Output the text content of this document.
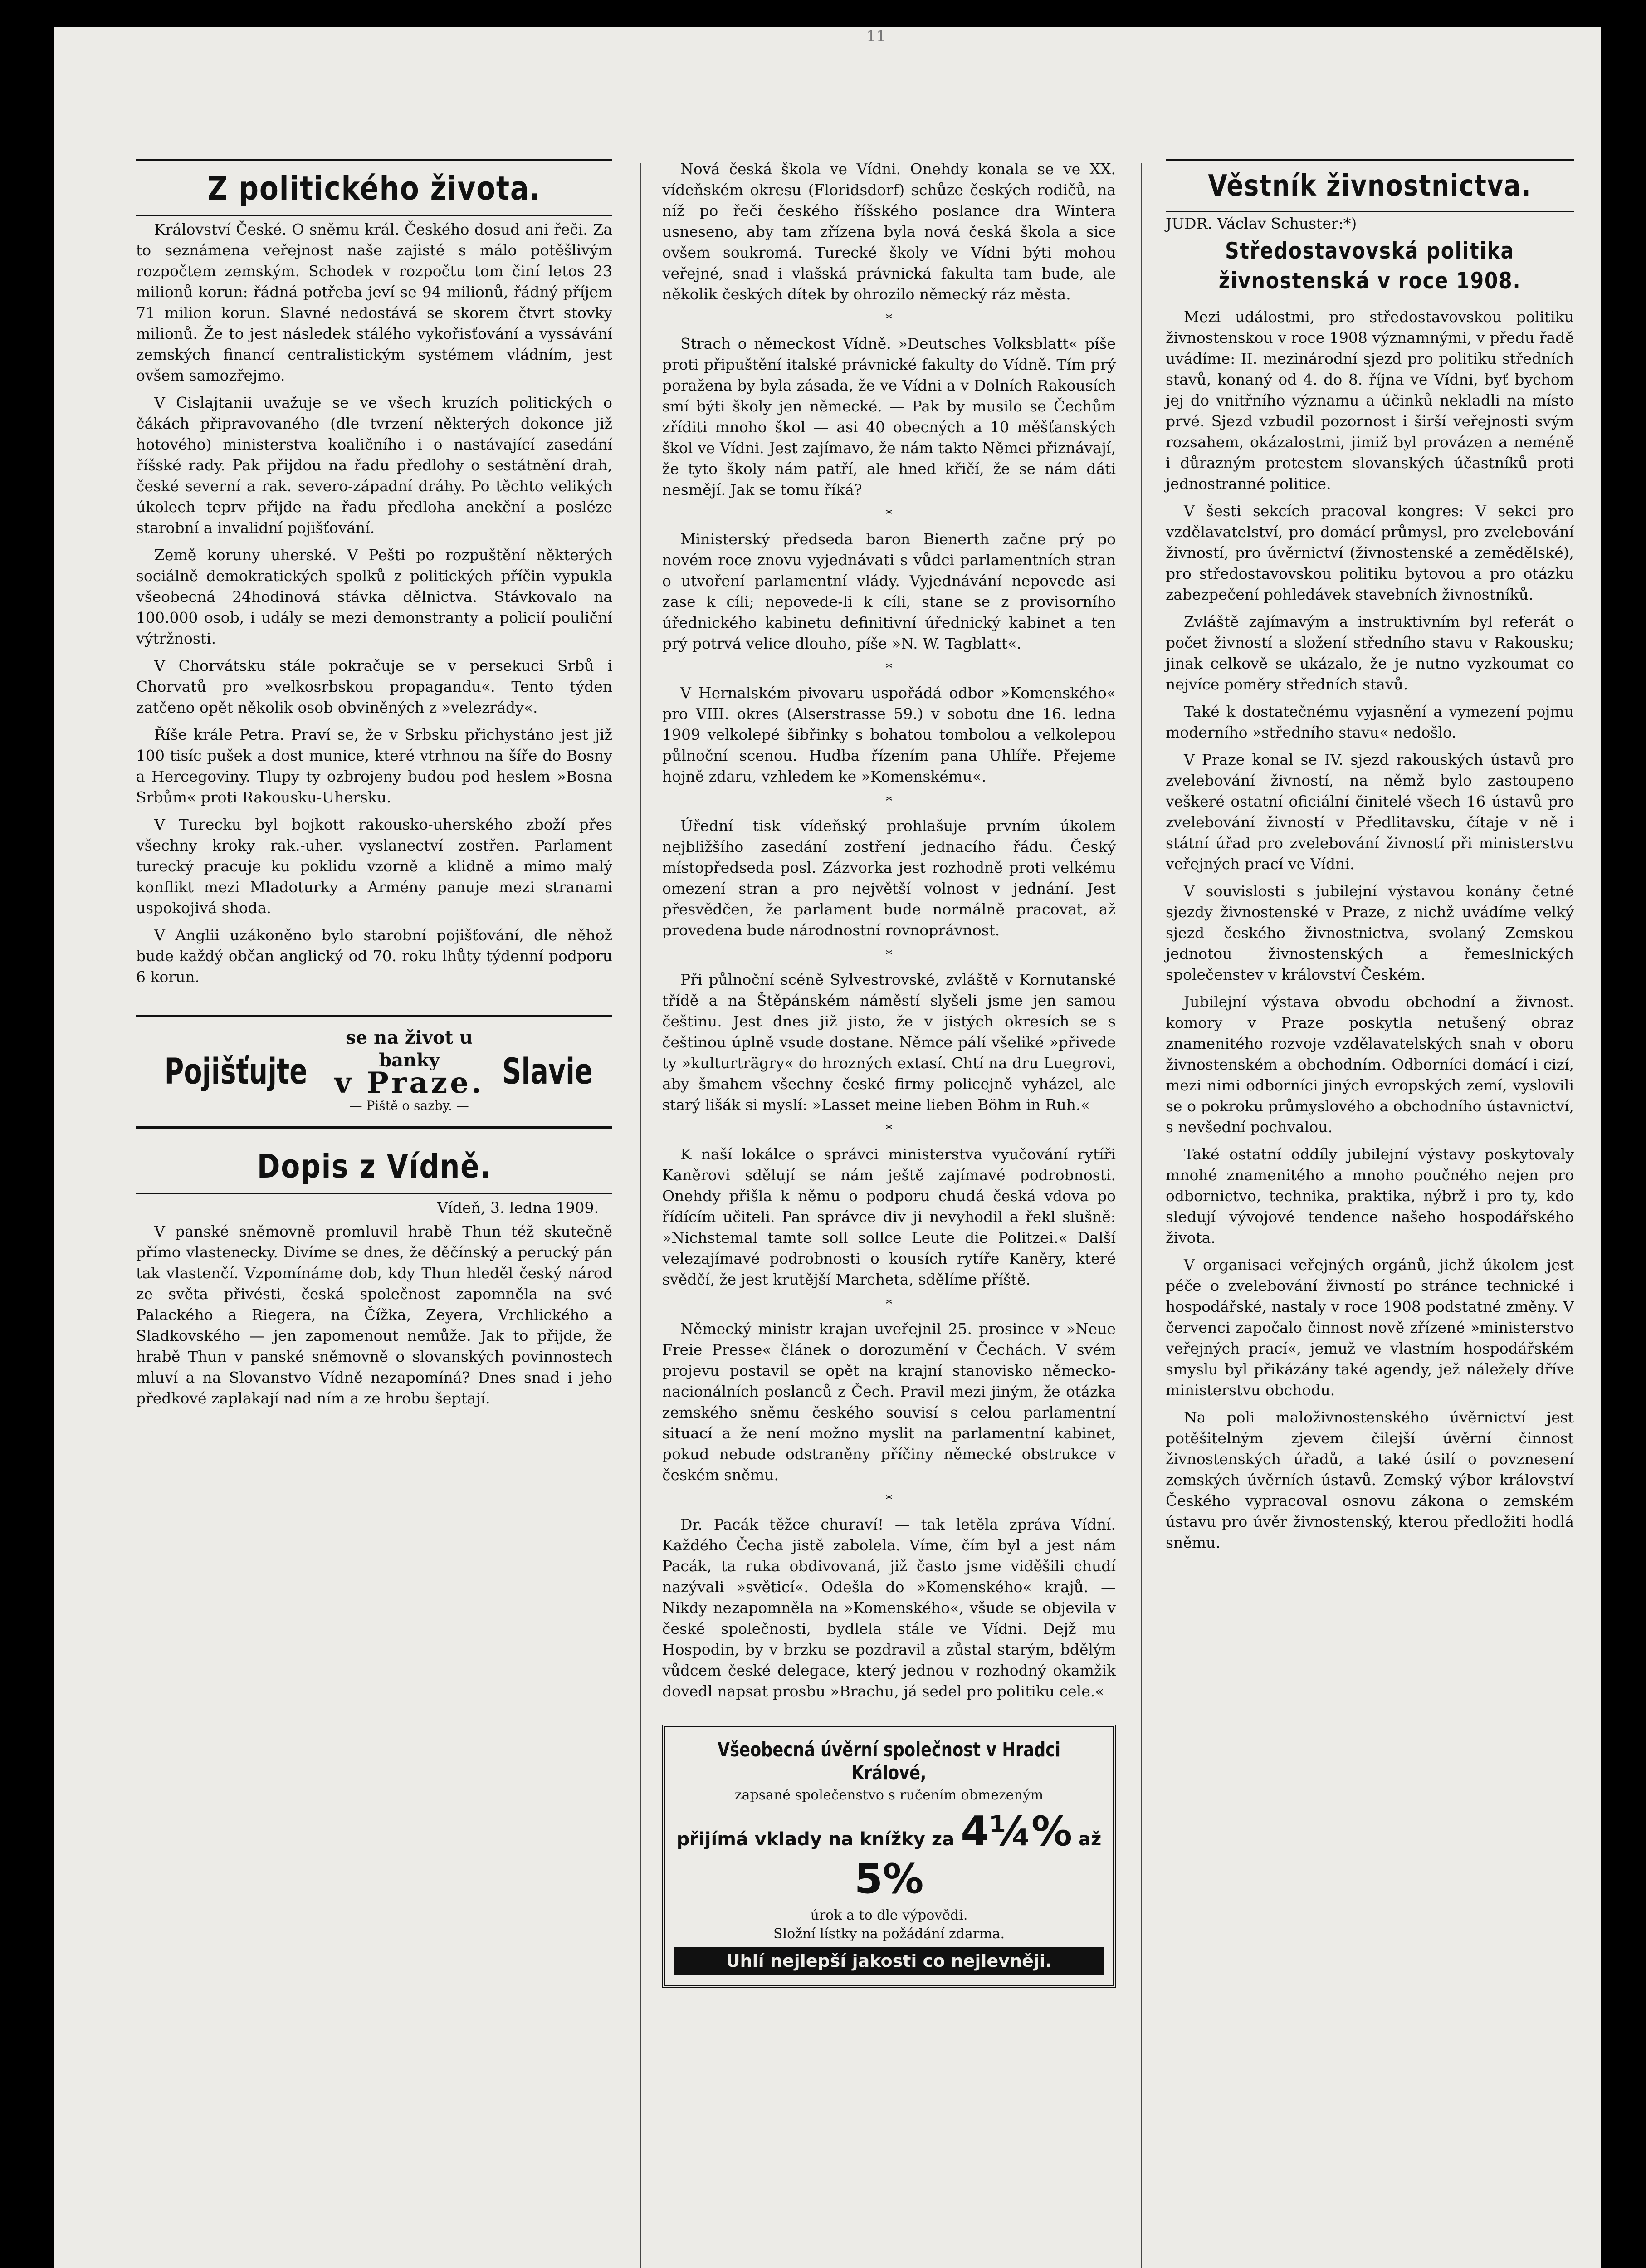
11
Z politického života.

Království České. O sněmu král. Českého dosud ani řeči. Za to seznámena veřejnost naše zajisté s málo potěšlivým rozpočtem zemským. Schodek v rozpočtu tom činí letos 23 milionů korun: řádná potřeba jeví se 94 milionů, řádný příjem 71 milion korun. Slavné nedostává se skorem čtvrt stovky milionů. Že to jest následek stálého vykořisťování a vyssávání zemských financí centralistickým systémem vládním, jest ovšem samozřejmo.

V Cislajtanii uvažuje se ve všech kruzích politických o čákách připravovaného (dle tvrzení některých dokonce již hotového) ministerstva koaličního i o nastávající zasedání říšské rady. Pak přijdou na řadu předlohy o sestátnění drah, české severní a rak. severo-západní dráhy. Po těchto velikých úkolech teprv přijde na řadu předloha anekční a posléze starobní a invalidní pojišťování.

Země koruny uherské. V Pešti po rozpuštění některých sociálně demokratických spolků z politických příčin vypukla všeobecná 24hodinová stávka dělnictva. Stávkovalo na 100.000 osob, i udály se mezi demonstranty a policií pouliční výtržnosti.

V Chorvátsku stále pokračuje se v persekuci Srbů i Chorvatů pro »velkosrbskou propagandu«. Tento týden zatčeno opět několik osob obviněných z »velezrády«.

Říše krále Petra. Praví se, že v Srbsku přichystáno jest již 100 tisíc pušek a dost munice, které vtrhnou na šíře do Bosny a Hercegoviny. Tlupy ty ozbrojeny budou pod heslem »Bosna Srbům« proti Rakousku-Uhersku.

V Turecku byl bojkott rakousko-uherského zboží přes všechny kroky rak.-uher. vyslanectví zostřen. Parlament turecký pracuje ku poklidu vzorně a klidně a mimo malý konflikt mezi Mladoturky a Armény panuje mezi stranami uspokojivá shoda.

V Anglii uzákoněno bylo starobní pojišťování, dle něhož bude každý občan anglický od 70. roku lhůty týdenní podporu 6 korun.

Pojišťujte
se na život u banky
v Praze.
— Piště o sazby. —
Slavie
Dopis z Vídně.
Vídeň, 3. ledna 1909.

V panské sněmovně promluvil hrabě Thun též skutečně přímo vlastenecky. Divíme se dnes, že děčínský a perucký pán tak vlastenčí. Vzpomínáme dob, kdy Thun hleděl český národ ze světa přivésti, česká společnost zapomněla na své Palackého a Riegera, na Čížka, Zeyera, Vrchlického a Sladkovského — jen zapomenout nemůže. Jak to přijde, že hrabě Thun v panské sněmovně o slovanských povinnostech mluví a na Slovanstvo Vídně nezapomíná? Dnes snad i jeho předkové zaplakají nad ním a ze hrobu šeptají.

Nová česká škola ve Vídni. Onehdy konala se ve XX. vídeňském okresu (Floridsdorf) schůze českých rodičů, na níž po řeči českého říšského poslance dra Wintera usneseno, aby tam zřízena byla nová česká škola a sice ovšem soukromá. Turecké školy ve Vídni býti mohou veřejné, snad i vlašská právnická fakulta tam bude, ale několik českých dítek by ohrozilo německý ráz města.

*

Strach o německost Vídně. »Deutsches Volksblatt« píše proti připuštění italské právnické fakulty do Vídně. Tím prý poražena by byla zásada, že ve Vídni a v Dolních Rakousích smí býti školy jen německé. — Pak by musilo se Čechům zříditi mnoho škol — asi 40 obecných a 10 měšťanských škol ve Vídni. Jest zajímavo, že nám takto Němci přiznávají, že tyto školy nám patří, ale hned křičí, že se nám dáti nesmějí. Jak se tomu říká?

*

Ministerský předseda baron Bienerth začne prý po novém roce znovu vyjednávati s vůdci parlamentních stran o utvoření parlamentní vlády. Vyjednávání nepovede asi zase k cíli; nepovede-li k cíli, stane se z provisorního úřednického kabinetu definitivní úřednický kabinet a ten prý potrvá velice dlouho, píše »N. W. Tagblatt«.

*

V Hernalském pivovaru uspořádá odbor »Komenského« pro VIII. okres (Alserstrasse 59.) v sobotu dne 16. ledna 1909 velkolepé šibřinky s bohatou tombolou a velkolepou půlnoční scenou. Hudba řízením pana Uhlíře. Přejeme hojně zdaru, vzhledem ke »Komenskému«.

*

Úřední tisk vídeňský prohlašuje prvním úkolem nejbližšího zasedání zostření jednacího řádu. Český místopředseda posl. Zázvorka jest rozhodně proti velkému omezení stran a pro největší volnost v jednání. Jest přesvědčen, že parlament bude normálně pracovat, až provedena bude národnostní rovnoprávnost.

*

Při půlnoční scéně Sylvestrovské, zvláště v Kornutanské třídě a na Štěpánském náměstí slyšeli jsme jen samou češtinu. Jest dnes již jisto, že v jistých okresích se s češtinou úplně vsude dostane. Němce pálí všeliké »přivede ty »kulturträgry« do hrozných extasí. Chtí na dru Luegrovi, aby šmahem všechny české firmy policejně vyházel, ale starý lišák si myslí: »Lasset meine lieben Böhm in Ruh.«

*

K naší lokálce o správci ministerstva vyučování rytíři Kaněrovi sdělují se nám ještě zajímavé podrobnosti. Onehdy přišla k němu o podporu chudá česká vdova po řídícím učiteli. Pan správce div ji nevyhodil a řekl slušně: »Nichstemal tamte soll sollce Leute die Politzei.« Další velezajímavé podrobnosti o kousích rytíře Kaněry, které svědčí, že jest krutější Marcheta, sdělíme příště.

*

Německý ministr krajan uveřejnil 25. prosince v »Neue Freie Presse« článek o dorozumění v Čechách. V svém projevu postavil se opět na krajní stanovisko německo-nacionálních poslanců z Čech. Pravil mezi jiným, že otázka zemského sněmu českého souvisí s celou parlamentní situací a že není možno myslit na parlamentní kabinet, pokud nebude odstraněny příčiny německé obstrukce v českém sněmu.

*

Dr. Pacák těžce churaví! — tak letěla zpráva Vídní. Každého Čecha jistě zabolela. Víme, čím byl a jest nám Pacák, ta ruka obdivovaná, již často jsme viděšili chudí nazývali »světicí«. Odešla do »Komenského« krajů. — Nikdy nezapomněla na »Komenského«, všude se objevila v české společnosti, bydlela stále ve Vídni. Dejž mu Hospodin, by v brzku se pozdravil a zůstal starým, bdělým vůdcem české delegace, který jednou v rozhodný okamžik dovedl napsat prosbu »Brachu, já sedel pro politiku cele.«

Všeobecná úvěrní společnost v Hradci Králové,
zapsané společenstvo s ručením obmezeným
přijímá vklady na knížky za 4¼% až 5%
úrok a to dle výpovědi.
Složní lístky na požádání zdarma.
Uhlí nejlepší jakosti co nejlevněji.
Věstník živnostnictva.
JUDR. Václav Schuster:*)
Středostavovská politika živnostenská v roce 1908.

Mezi událostmi, pro středostavovskou politiku živnostenskou v roce 1908 významnými, v předu řadě uvádíme: II. mezinárodní sjezd pro politiku středních stavů, konaný od 4. do 8. října ve Vídni, byť bychom jej do vnitřního významu a účinků nekladli na místo prvé. Sjezd vzbudil pozornost i širší veřejnosti svým rozsahem, okázalostmi, jimiž byl provázen a neméně i důrazným protestem slovanských účastníků proti jednostranné politice.

V šesti sekcích pracoval kongres: V sekci pro vzdělavatelství, pro domácí průmysl, pro zvelebování živností, pro úvěrnictví (živnostenské a zemědělské), pro středostavovskou politiku bytovou a pro otázku zabezpečení pohledávek stavebních živnostníků.

Zvláště zajímavým a instruktivním byl referát o počet živností a složení středního stavu v Rakousku; jinak celkově se ukázalo, že je nutno vyzkoumat co nejvíce poměry středních stavů.

Také k dostatečnému vyjasnění a vymezení pojmu moderního »středního stavu« nedošlo.

V Praze konal se IV. sjezd rakouských ústavů pro zvelebování živností, na němž bylo zastoupeno veškeré ostatní oficiální činitelé všech 16 ústavů pro zvelebování živností v Předlitavsku, čítaje v ně i státní úřad pro zvelebování živností při ministerstvu veřejných prací ve Vídni.

V souvislosti s jubilejní výstavou konány četné sjezdy živnostenské v Praze, z nichž uvádíme velký sjezd českého živnostnictva, svolaný Zemskou jednotou živnostenských a řemeslnických společenstev v království Českém.

Jubilejní výstava obvodu obchodní a živnost. komory v Praze poskytla netušený obraz znamenitého rozvoje vzdělavatelských snah v oboru živnostenském a obchodním. Odborníci domácí i cizí, mezi nimi odborníci jiných evropských zemí, vyslovili se o pokroku průmyslového a obchodního ústavnictví, s nevšední pochvalou.

Také ostatní oddíly jubilejní výstavy poskytovaly mnohé znamenitého a mnoho poučného nejen pro odbornictvo, technika, praktika, nýbrž i pro ty, kdo sledují vývojové tendence našeho hospodářského života.

V organisaci veřejných orgánů, jichž úkolem jest péče o zvelebování živností po stránce technické i hospodářské, nastaly v roce 1908 podstatné změny. V červenci započalo činnost nově zřízené »ministerstvo veřejných prací«, jemuž ve vlastním hospodářském smyslu byl přikázány také agendy, jež náležely dříve ministerstvu obchodu.

Na poli maloživnostenského úvěrnictví jest potěšitelným zjevem čilejší úvěrní činnost živnostenských úřadů, a také úsilí o povznesení zemských úvěrních ústavů. Zemský výbor království Českého vypracoval osnovu zákona o zemském ústavu pro úvěr živnostenský, kterou předložiti hodlá sněmu.
